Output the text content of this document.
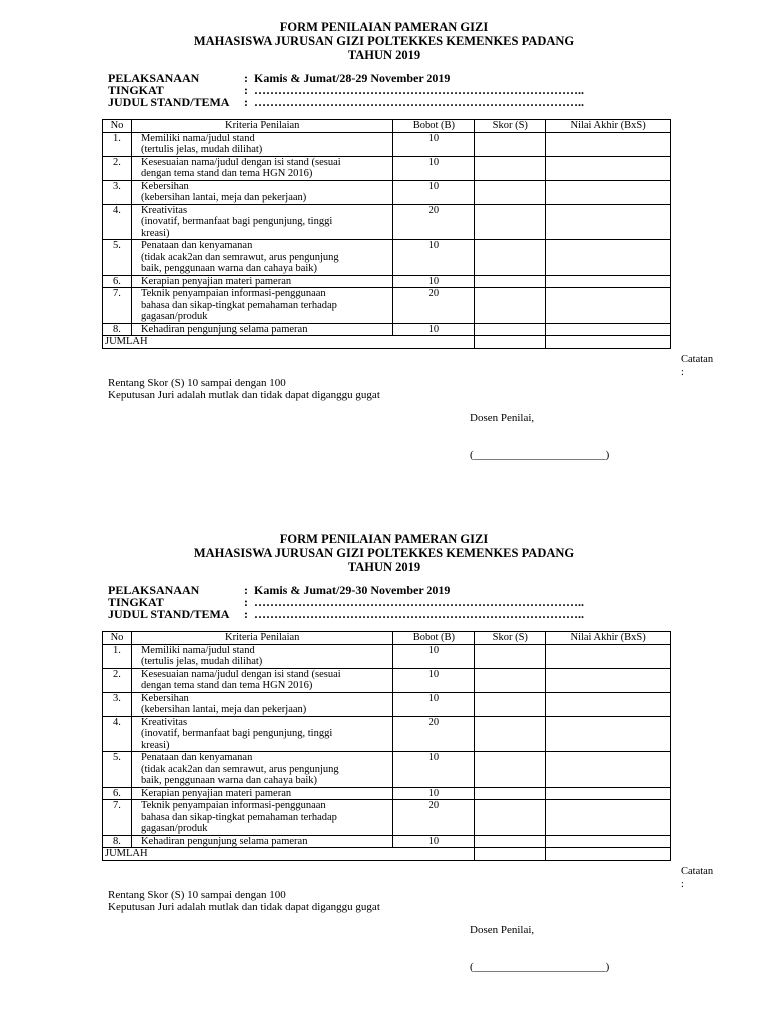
FORM PENILAIAN PAMERAN GIZI
MAHASISWA JURUSAN GIZI POLTEKKES KEMENKES PADANG
TAHUN 2019
PELAKSANAAN	: Kamis & Jumat/28-29 November 2019
TINGKAT	: ………………………………………………………………………..
JUDUL STAND/TEMA	: ………………………………………………………………………..
No	Kriteria Penilaian	Bobot (B)	Skor (S)	Nilai Akhir (BxS)
1.	Memiliki nama/judul stand
(tertulis jelas, mudah dilihat)	10		
2.	Kesesuaian nama/judul dengan isi stand (sesuai
dengan tema stand dan tema HGN 2016)	10		
3.	Kebersihan
(kebersihan lantai, meja dan pekerjaan)	10		
4.	Kreativitas
(inovatif, bermanfaat bagi pengunjung, tinggi
kreasi)	20		
5.	Penataan dan kenyamanan
(tidak acak2an dan semrawut, arus pengunjung
baik, penggunaan warna dan cahaya baik)	10		
6.	Kerapian penyajian materi pameran	10		
7.	Teknik penyampaian informasi-penggunaan
bahasa dan sikap-tingkat pemahaman terhadap
gagasan/produk	20		
8.	Kehadiran pengunjung selama pameran	10		
JUMLAH				
Catatan
:
Rentang Skor (S) 10 sampai dengan 100
Keputusan Juri adalah mutlak dan tidak dapat diganggu gugat
Dosen Penilai,
(________________________)
FORM PENILAIAN PAMERAN GIZI
MAHASISWA JURUSAN GIZI POLTEKKES KEMENKES PADANG
TAHUN 2019
PELAKSANAAN	: Kamis & Jumat/29-30 November 2019
TINGKAT	: ………………………………………………………………………..
JUDUL STAND/TEMA	: ………………………………………………………………………..
No	Kriteria Penilaian	Bobot (B)	Skor (S)	Nilai Akhir (BxS)
1.	Memiliki nama/judul stand
(tertulis jelas, mudah dilihat)	10		
2.	Kesesuaian nama/judul dengan isi stand (sesuai
dengan tema stand dan tema HGN 2016)	10		
3.	Kebersihan
(kebersihan lantai, meja dan pekerjaan)	10		
4.	Kreativitas
(inovatif, bermanfaat bagi pengunjung, tinggi
kreasi)	20		
5.	Penataan dan kenyamanan
(tidak acak2an dan semrawut, arus pengunjung
baik, penggunaan warna dan cahaya baik)	10		
6.	Kerapian penyajian materi pameran	10		
7.	Teknik penyampaian informasi-penggunaan
bahasa dan sikap-tingkat pemahaman terhadap
gagasan/produk	20		
8.	Kehadiran pengunjung selama pameran	10		
JUMLAH				
Catatan
:
Rentang Skor (S) 10 sampai dengan 100
Keputusan Juri adalah mutlak dan tidak dapat diganggu gugat
Dosen Penilai,
(________________________)
